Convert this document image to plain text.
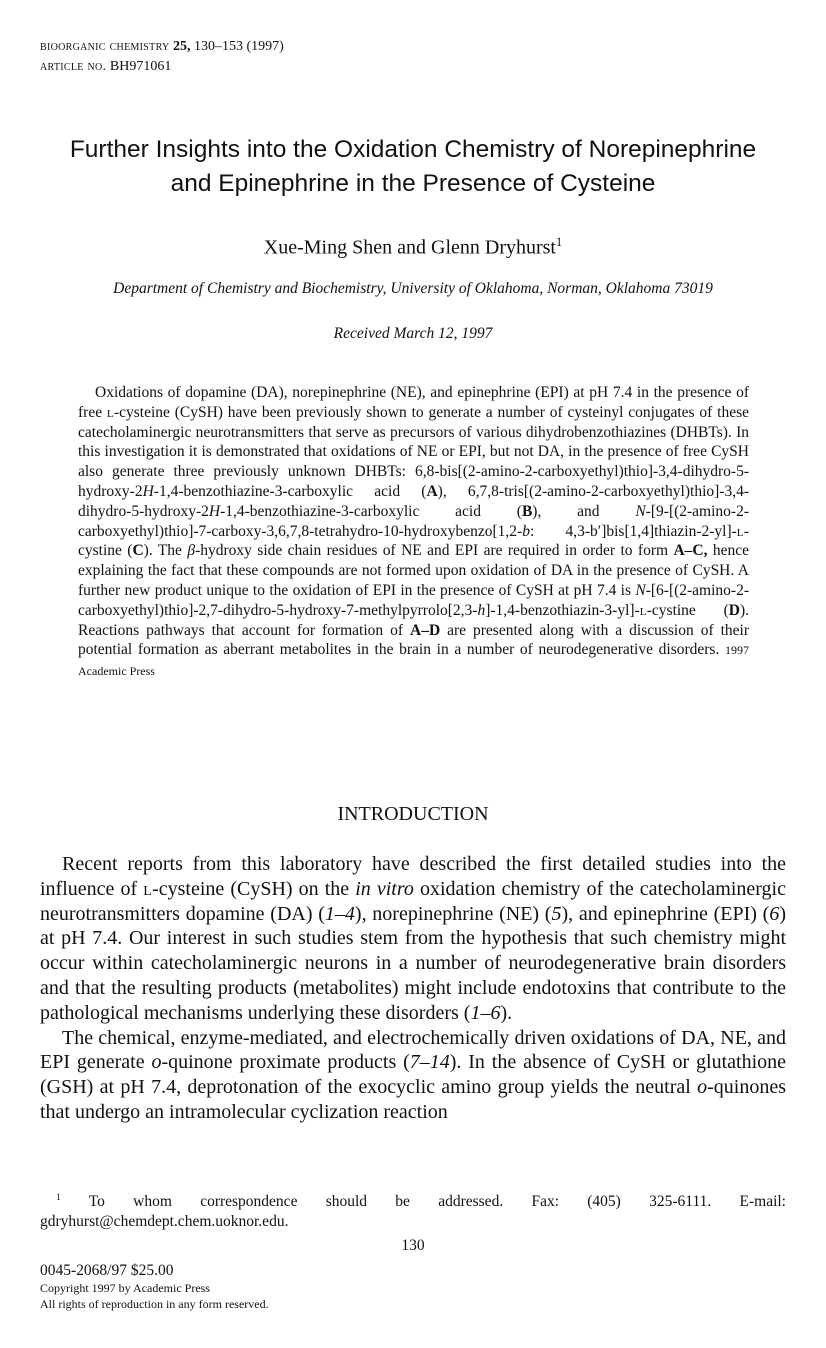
bioorganic chemistry 25, 130–153 (1997)
article no. BH971061
Further Insights into the Oxidation Chemistry of Norepinephrine
and Epinephrine in the Presence of Cysteine
Xue-Ming Shen and Glenn Dryhurst$^1$
Department of Chemistry and Biochemistry, University of Oklahoma, Norman, Oklahoma 73019
Received March 12, 1997

Oxidations of dopamine (DA), norepinephrine (NE), and epinephrine (EPI) at pH 7.4 in the presence of free l-cysteine (CySH) have been previously shown to generate a number of cysteinyl conjugates of these catecholaminergic neurotransmitters that serve as precursors of various dihydrobenzothiazines (DHBTs). In this investigation it is demonstrated that oxidations of NE or EPI, but not DA, in the presence of free CySH also generate three previously unknown DHBTs: 6,8-bis[(2-amino-2-carboxyethyl)thio]-3,4-dihydro-5-hydroxy-2H-1,4-benzothiazine-3-carboxylic acid (A), 6,7,8-tris[(2-amino-2-carboxyethyl)thio]-3,4-dihydro-5-hydroxy-2H-1,4-benzothiazine-3-carboxylic acid (B), and N-[9-[(2-amino-2-carboxyethyl)thio]-7-carboxy-3,6,7,8-tetrahydro-10-hydroxybenzo[1,2-b: 4,3-b′]bis[1,4]thiazin-2-yl]-l-cystine (C). The β-hydroxy side chain residues of NE and EPI are required in order to form A–C, hence explaining the fact that these compounds are not formed upon oxidation of DA in the presence of CySH. A further new product unique to the oxidation of EPI in the presence of CySH at pH 7.4 is N-[6-[(2-amino-2-carboxyethyl)thio]-2,7-dihydro-5-hydroxy-7-methylpyrrolo[2,3-h]-1,4-benzothiazin-3-yl]-l-cystine (D). Reactions pathways that account for formation of A–D are presented along with a discussion of their potential formation as aberrant metabolites in the brain in a number of neurodegenerative disorders. 1997 Academic Press

INTRODUCTION

Recent reports from this laboratory have described the first detailed studies into the influence of l-cysteine (CySH) on the in vitro oxidation chemistry of the catecholaminergic neurotransmitters dopamine (DA) (1–4), norepinephrine (NE) (5), and epinephrine (EPI) (6) at pH 7.4. Our interest in such studies stem from the hypothesis that such chemistry might occur within catecholaminergic neurons in a number of neurodegenerative brain disorders and that the resulting products (metabolites) might include endotoxins that contribute to the pathological mechanisms underlying these disorders (1–6).

The chemical, enzyme-mediated, and electrochemically driven oxidations of DA, NE, and EPI generate o-quinone proximate products (7–14). In the absence of CySH or glutathione (GSH) at pH 7.4, deprotonation of the exocyclic amino group yields the neutral o-quinones that undergo an intramolecular cyclization reaction

$^1$ To whom correspondence should be addressed. Fax: (405) 325-6111. E-mail: gdryhurst@chemdept.chem.uoknor.edu.

130
0045-2068/97 $25.00
Copyright 1997 by Academic Press
All rights of reproduction in any form reserved.
